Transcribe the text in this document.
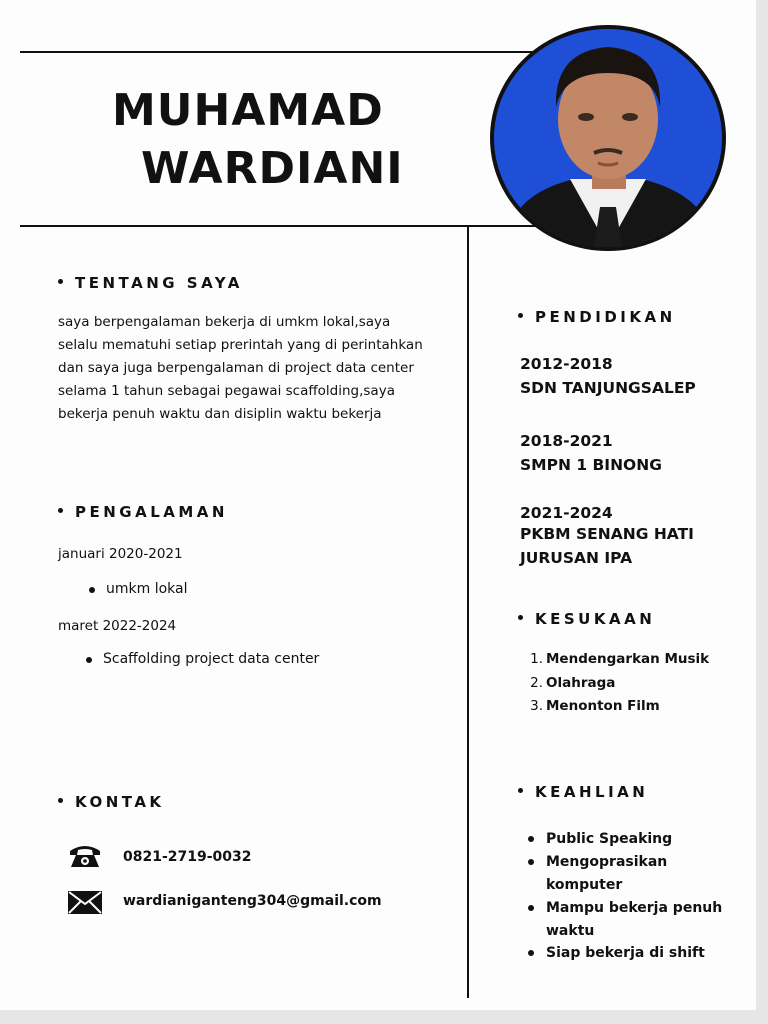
MUHAMAD
WARDIANI
TENTANG SAYA
saya berpengalaman bekerja di umkm lokal,saya
selalu mematuhi setiap prerintah yang di perintahkan
dan saya juga berpengalaman di project data center
selama 1 tahun sebagai pegawai scaffolding,saya
bekerja penuh waktu dan disiplin waktu bekerja
PENGALAMAN
januari 2020-2021
umkm lokal
maret 2022-2024
Scaffolding project data center
KONTAK
0821-2719-0032
wardianiganteng304@gmail.com
PENDIDIKAN
2012-2018
SDN TANJUNGSALEP
2018-2021
SMPN 1 BINONG
2021-2024
PKBM SENANG HATI
JURUSAN IPA
KESUKAAN
1. Mendengarkan Musik
2. Olahraga
3. Menonton Film
KEAHLIAN
Public Speaking
Mengoprasikan
komputer
Mampu bekerja penuh
waktu
Siap bekerja di shift
